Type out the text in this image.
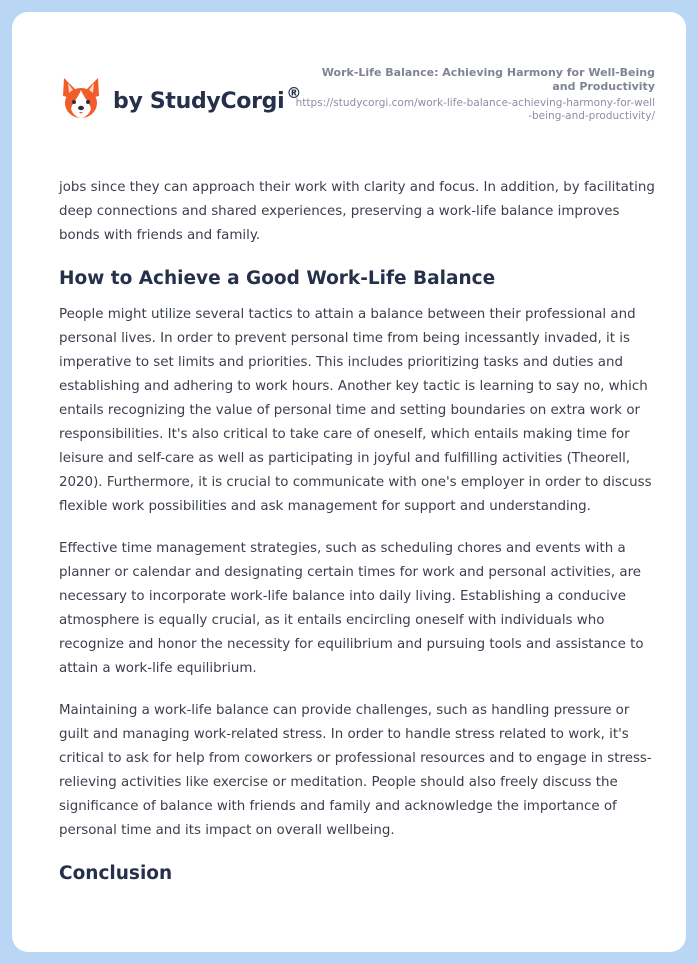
by StudyCorgi ®
Work-Life Balance: Achieving Harmony for Well-Being and Productivity
https://studycorgi.com/work-life-balance-achieving-harmony-for-well-being-and-productivity/

jobs since they can approach their work with clarity and focus. In addition, by facilitating deep connections and shared experiences, preserving a work-life balance improves bonds with friends and family.

How to Achieve a Good Work-Life Balance

People might utilize several tactics to attain a balance between their professional and personal lives. In order to prevent personal time from being incessantly invaded, it is imperative to set limits and priorities. This includes prioritizing tasks and duties and establishing and adhering to work hours. Another key tactic is learning to say no, which entails recognizing the value of personal time and setting boundaries on extra work or responsibilities. It's also critical to take care of oneself, which entails making time for leisure and self-care as well as participating in joyful and fulfilling activities (Theorell, 2020). Furthermore, it is crucial to communicate with one's employer in order to discuss flexible work possibilities and ask management for support and understanding.

Effective time management strategies, such as scheduling chores and events with a planner or calendar and designating certain times for work and personal activities, are necessary to incorporate work-life balance into daily living. Establishing a conducive atmosphere is equally crucial, as it entails encircling oneself with individuals who recognize and honor the necessity for equilibrium and pursuing tools and assistance to attain a work-life equilibrium.

Maintaining a work-life balance can provide challenges, such as handling pressure or guilt and managing work-related stress. In order to handle stress related to work, it's critical to ask for help from coworkers or professional resources and to engage in stress-relieving activities like exercise or meditation. People should also freely discuss the significance of balance with friends and family and acknowledge the importance of personal time and its impact on overall wellbeing.

Conclusion
